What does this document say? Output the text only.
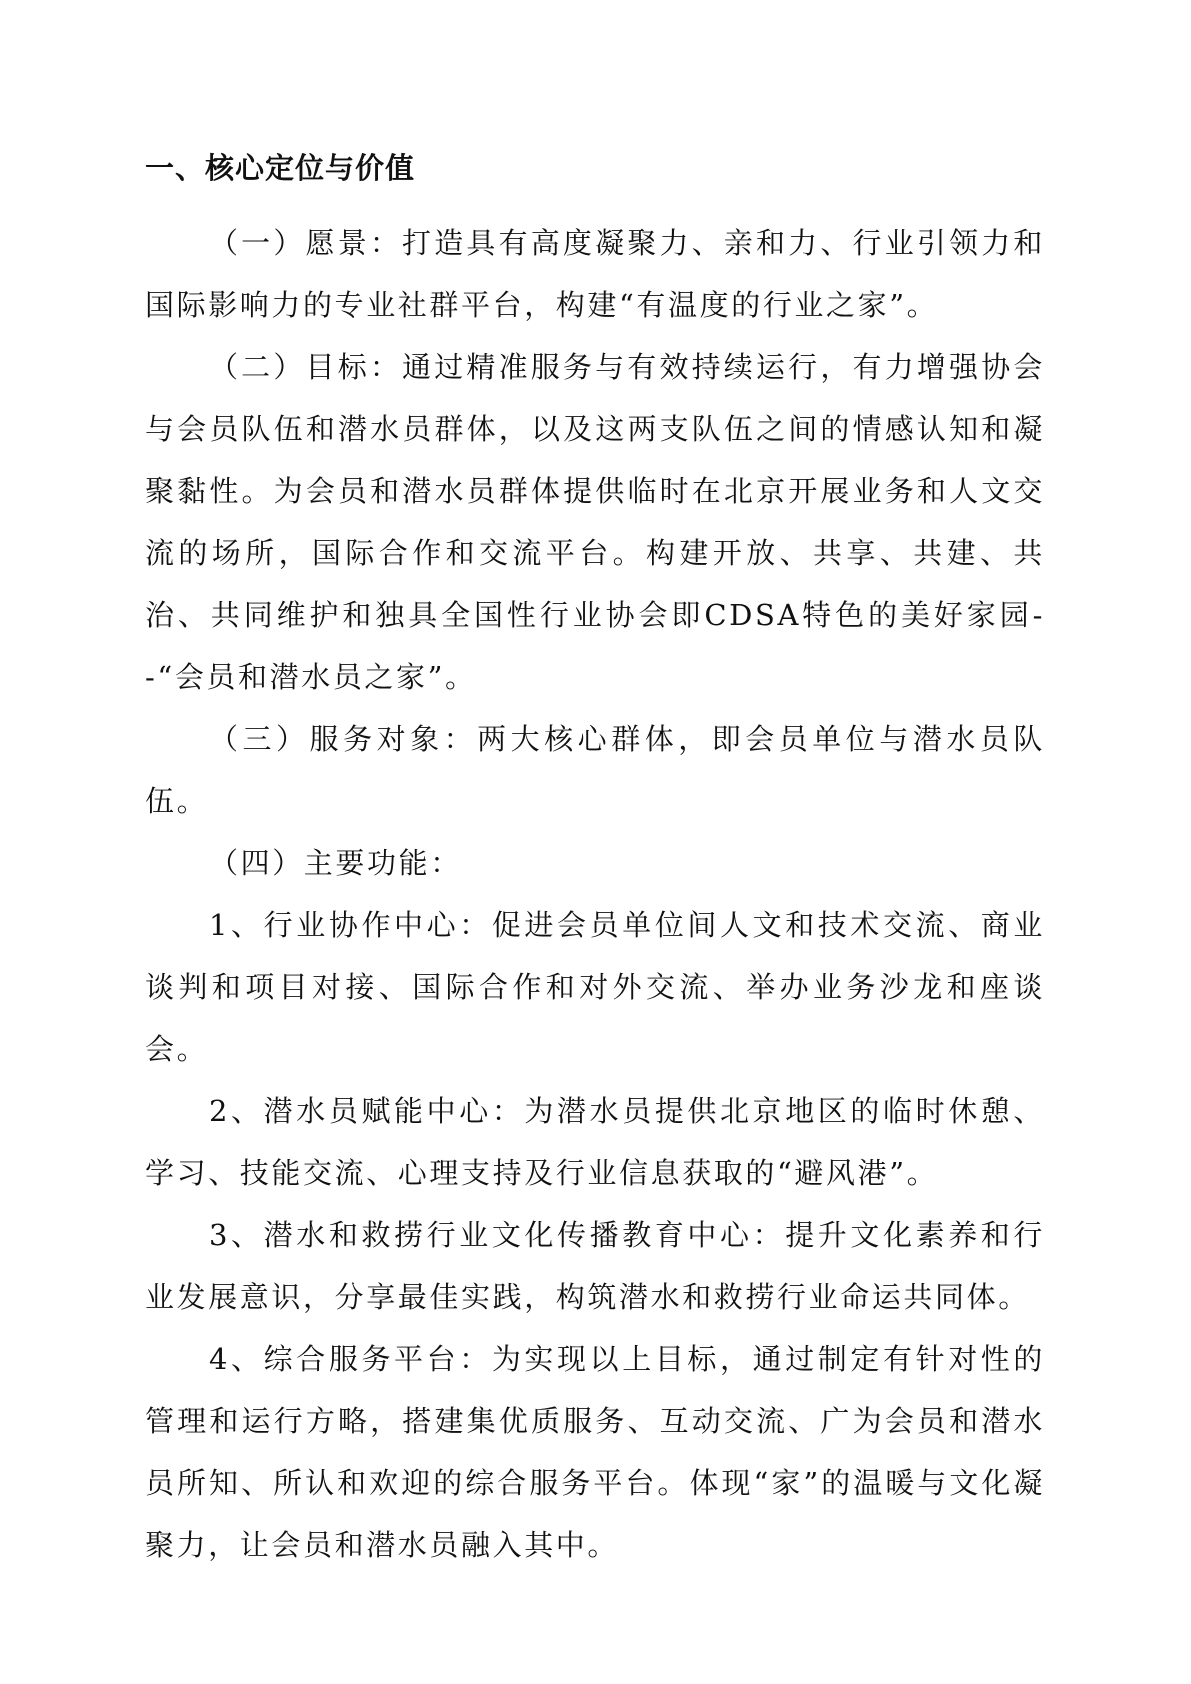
一、核心定位与价值

（一）愿景：打造具有高度凝聚力、亲和力、行业引领力和国际影响力的专业社群平台，构建“有温度的行业之家”。

（二）目标：通过精准服务与有效持续运行，有力增强协会与会员队伍和潜水员群体，以及这两支队伍之间的情感认知和凝聚黏性。为会员和潜水员群体提供临时在北京开展业务和人文交流的场所，国际合作和交流平台。构建开放、共享、共建、共治、共同维护和独具全国性行业协会即CDSA特色的美好家园--“会员和潜水员之家”。

（三）服务对象：两大核心群体，即会员单位与潜水员队伍。

（四）主要功能：

1、行业协作中心：促进会员单位间人文和技术交流、商业谈判和项目对接、国际合作和对外交流、举办业务沙龙和座谈会。

2、潜水员赋能中心：为潜水员提供北京地区的临时休憩、学习、技能交流、心理支持及行业信息获取的“避风港”。

3、潜水和救捞行业文化传播教育中心：提升文化素养和行业发展意识，分享最佳实践，构筑潜水和救捞行业命运共同体。

4、综合服务平台：为实现以上目标，通过制定有针对性的管理和运行方略，搭建集优质服务、互动交流、广为会员和潜水员所知、所认和欢迎的综合服务平台。体现“家”的温暖与文化凝聚力，让会员和潜水员融入其中。
